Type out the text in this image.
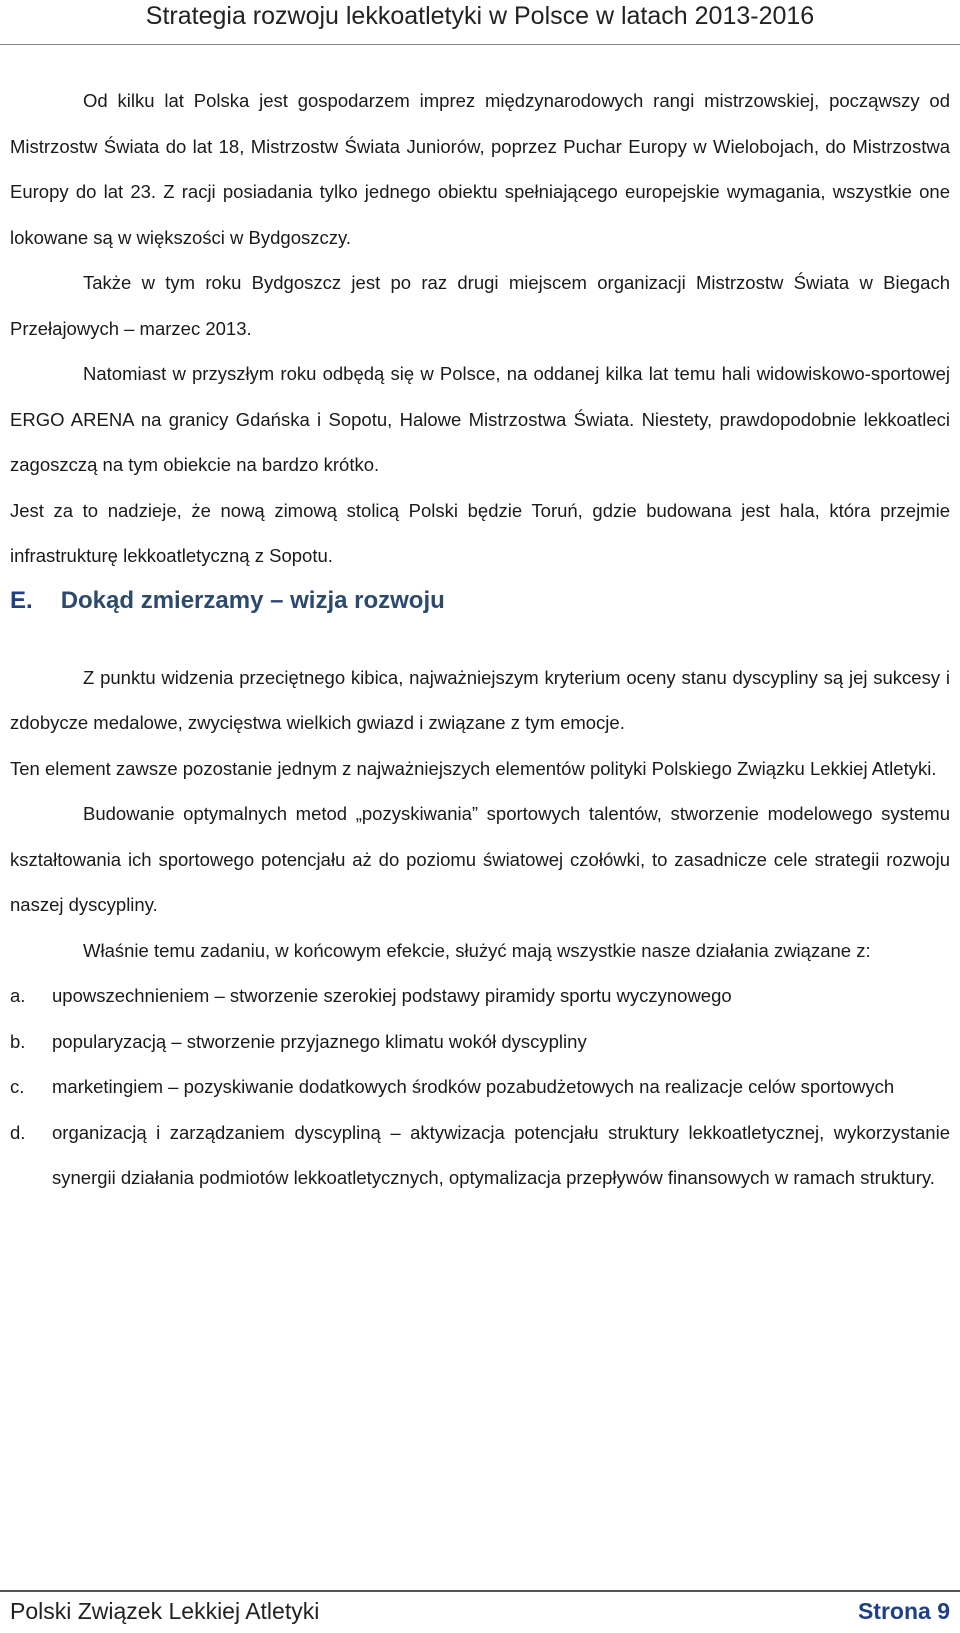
Strategia rozwoju lekkoatletyki w Polsce w latach 2013-2016

Od kilku lat Polska jest gospodarzem imprez międzynarodowych rangi mistrzowskiej, począwszy od Mistrzostw Świata do lat 18, Mistrzostw Świata Juniorów, poprzez Puchar Europy w Wielobojach, do Mistrzostwa Europy do lat 23. Z racji posiadania tylko jednego obiektu spełniającego europejskie wymagania, wszystkie one lokowane są w większości w Bydgoszczy.

Także w tym roku Bydgoszcz jest po raz drugi miejscem organizacji Mistrzostw Świata w Biegach Przełajowych – marzec 2013.

Natomiast w przyszłym roku odbędą się w Polsce, na oddanej kilka lat temu hali widowiskowo-sportowej ERGO ARENA na granicy Gdańska i Sopotu, Halowe Mistrzostwa Świata. Niestety, prawdopodobnie lekkoatleci zagoszczą na tym obiekcie na bardzo krótko.

Jest za to nadzieje, że nową zimową stolicą Polski będzie Toruń, gdzie budowana jest hala, która przejmie infrastrukturę lekkoatletyczną z Sopotu.

E. Dokąd zmierzamy – wizja rozwoju

Z punktu widzenia przeciętnego kibica, najważniejszym kryterium oceny stanu dyscypliny są jej sukcesy i zdobycze medalowe, zwycięstwa wielkich gwiazd i związane z tym emocje.

Ten element zawsze pozostanie jednym z najważniejszych elementów polityki Polskiego Związku Lekkiej Atletyki.

Budowanie optymalnych metod „pozyskiwania” sportowych talentów, stworzenie modelowego systemu kształtowania ich sportowego potencjału aż do poziomu światowej czołówki, to zasadnicze cele strategii rozwoju naszej dyscypliny.

Właśnie temu zadaniu, w końcowym efekcie, służyć mają wszystkie nasze działania związane z:

a.	upowszechnieniem – stworzenie szerokiej podstawy piramidy sportu wyczynowego
b.	popularyzacją – stworzenie przyjaznego klimatu wokół dyscypliny
c.	marketingiem – pozyskiwanie dodatkowych środków pozabudżetowych na realizacje celów sportowych
d.	organizacją i zarządzaniem dyscypliną – aktywizacja potencjału struktury lekkoatletycznej, wykorzystanie synergii działania podmiotów lekkoatletycznych, optymalizacja przepływów finansowych w ramach struktury.
Polski Związek Lekkiej Atletyki	Strona 9
